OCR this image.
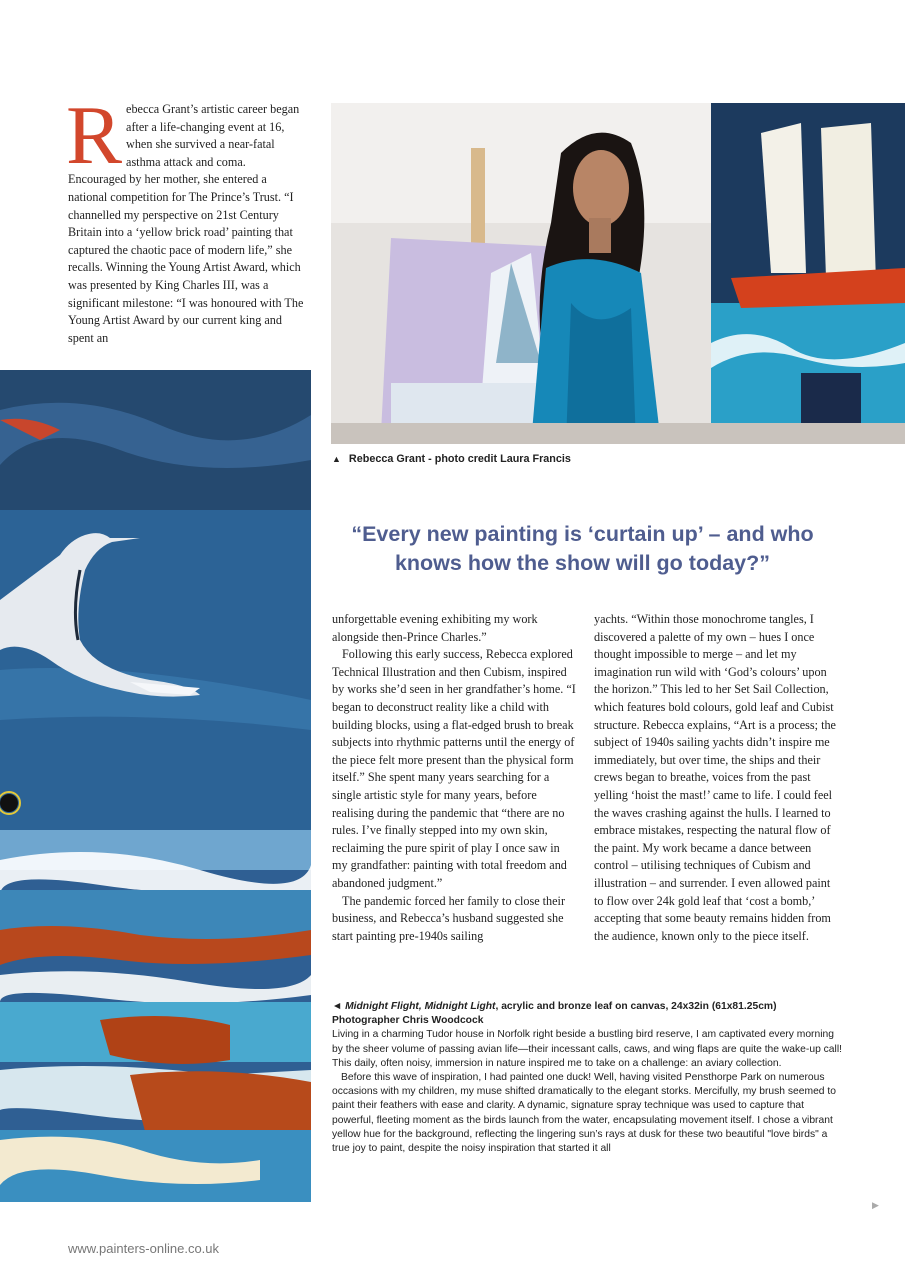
R ebecca Grant’s artistic career began after a life-changing event at 16, when she survived a near-fatal asthma attack and coma. Encouraged by her mother, she entered a national competition for The Prince’s Trust. “I channelled my perspective on 21st Century Britain into a ‘yellow brick road’ painting that captured the chaotic pace of modern life,” she recalls. Winning the Young Artist Award, which was presented by King Charles III, was a significant milestone: “I was honoured with The Young Artist Award by our current king and spent an

▲ Rebecca Grant - photo credit Laura Francis
“Every new painting is ‘curtain up’ – and who knows how the show will go today?”

unforgettable evening exhibiting my work alongside then-Prince Charles.”

Following this early success, Rebecca explored Technical Illustration and then Cubism, inspired by works she’d seen in her grandfather’s home. “I began to deconstruct reality like a child with building blocks, using a flat-edged brush to break subjects into rhythmic patterns until the energy of the piece felt more present than the physical form itself.” She spent many years searching for a single artistic style for many years, before realising during the pandemic that “there are no rules. I’ve finally stepped into my own skin, reclaiming the pure spirit of play I once saw in my grandfather: painting with total freedom and abandoned judgment.”

The pandemic forced her family to close their business, and Rebecca’s husband suggested she start painting pre-1940s sailing

yachts. “Within those monochrome tangles, I discovered a palette of my own – hues I once thought impossible to merge – and let my imagination run wild with ‘God’s colours’ upon the horizon.” This led to her Set Sail Collection, which features bold colours, gold leaf and Cubist structure. Rebecca explains, “Art is a process; the subject of 1940s sailing yachts didn’t inspire me immediately, but over time, the ships and their crews began to breathe, voices from the past yelling ‘hoist the mast!’ came to life. I could feel the waves crashing against the hulls. I learned to embrace mistakes, respecting the natural flow of the paint. My work became a dance between control – utilising techniques of Cubism and illustration – and surrender. I even allowed paint to flow over 24k gold leaf that ‘cost a bomb,’ accepting that some beauty remains hidden from the audience, known only to the piece itself.

◄ Midnight Flight, Midnight Light, acrylic and bronze leaf on canvas, 24x32in (61x81.25cm)
Photographer Chris Woodcock

Living in a charming Tudor house in Norfolk right beside a bustling bird reserve, I am captivated every morning by the sheer volume of passing avian life—their incessant calls, caws, and wing flaps are quite the wake-up call! This daily, often noisy, immersion in nature inspired me to take on a challenge: an aviary collection.

Before this wave of inspiration, I had painted one duck! Well, having visited Pensthorpe Park on numerous occasions with my children, my muse shifted dramatically to the elegant storks. Mercifully, my brush seemed to paint their feathers with ease and clarity. A dynamic, signature spray technique was used to capture that powerful, fleeting moment as the birds launch from the water, encapsulating movement itself. I chose a vibrant yellow hue for the background, reflecting the lingering sun’s rays at dusk for these two beautiful "love birds" a true joy to paint, despite the noisy inspiration that started it all

▶
www.painters-online.co.uk
